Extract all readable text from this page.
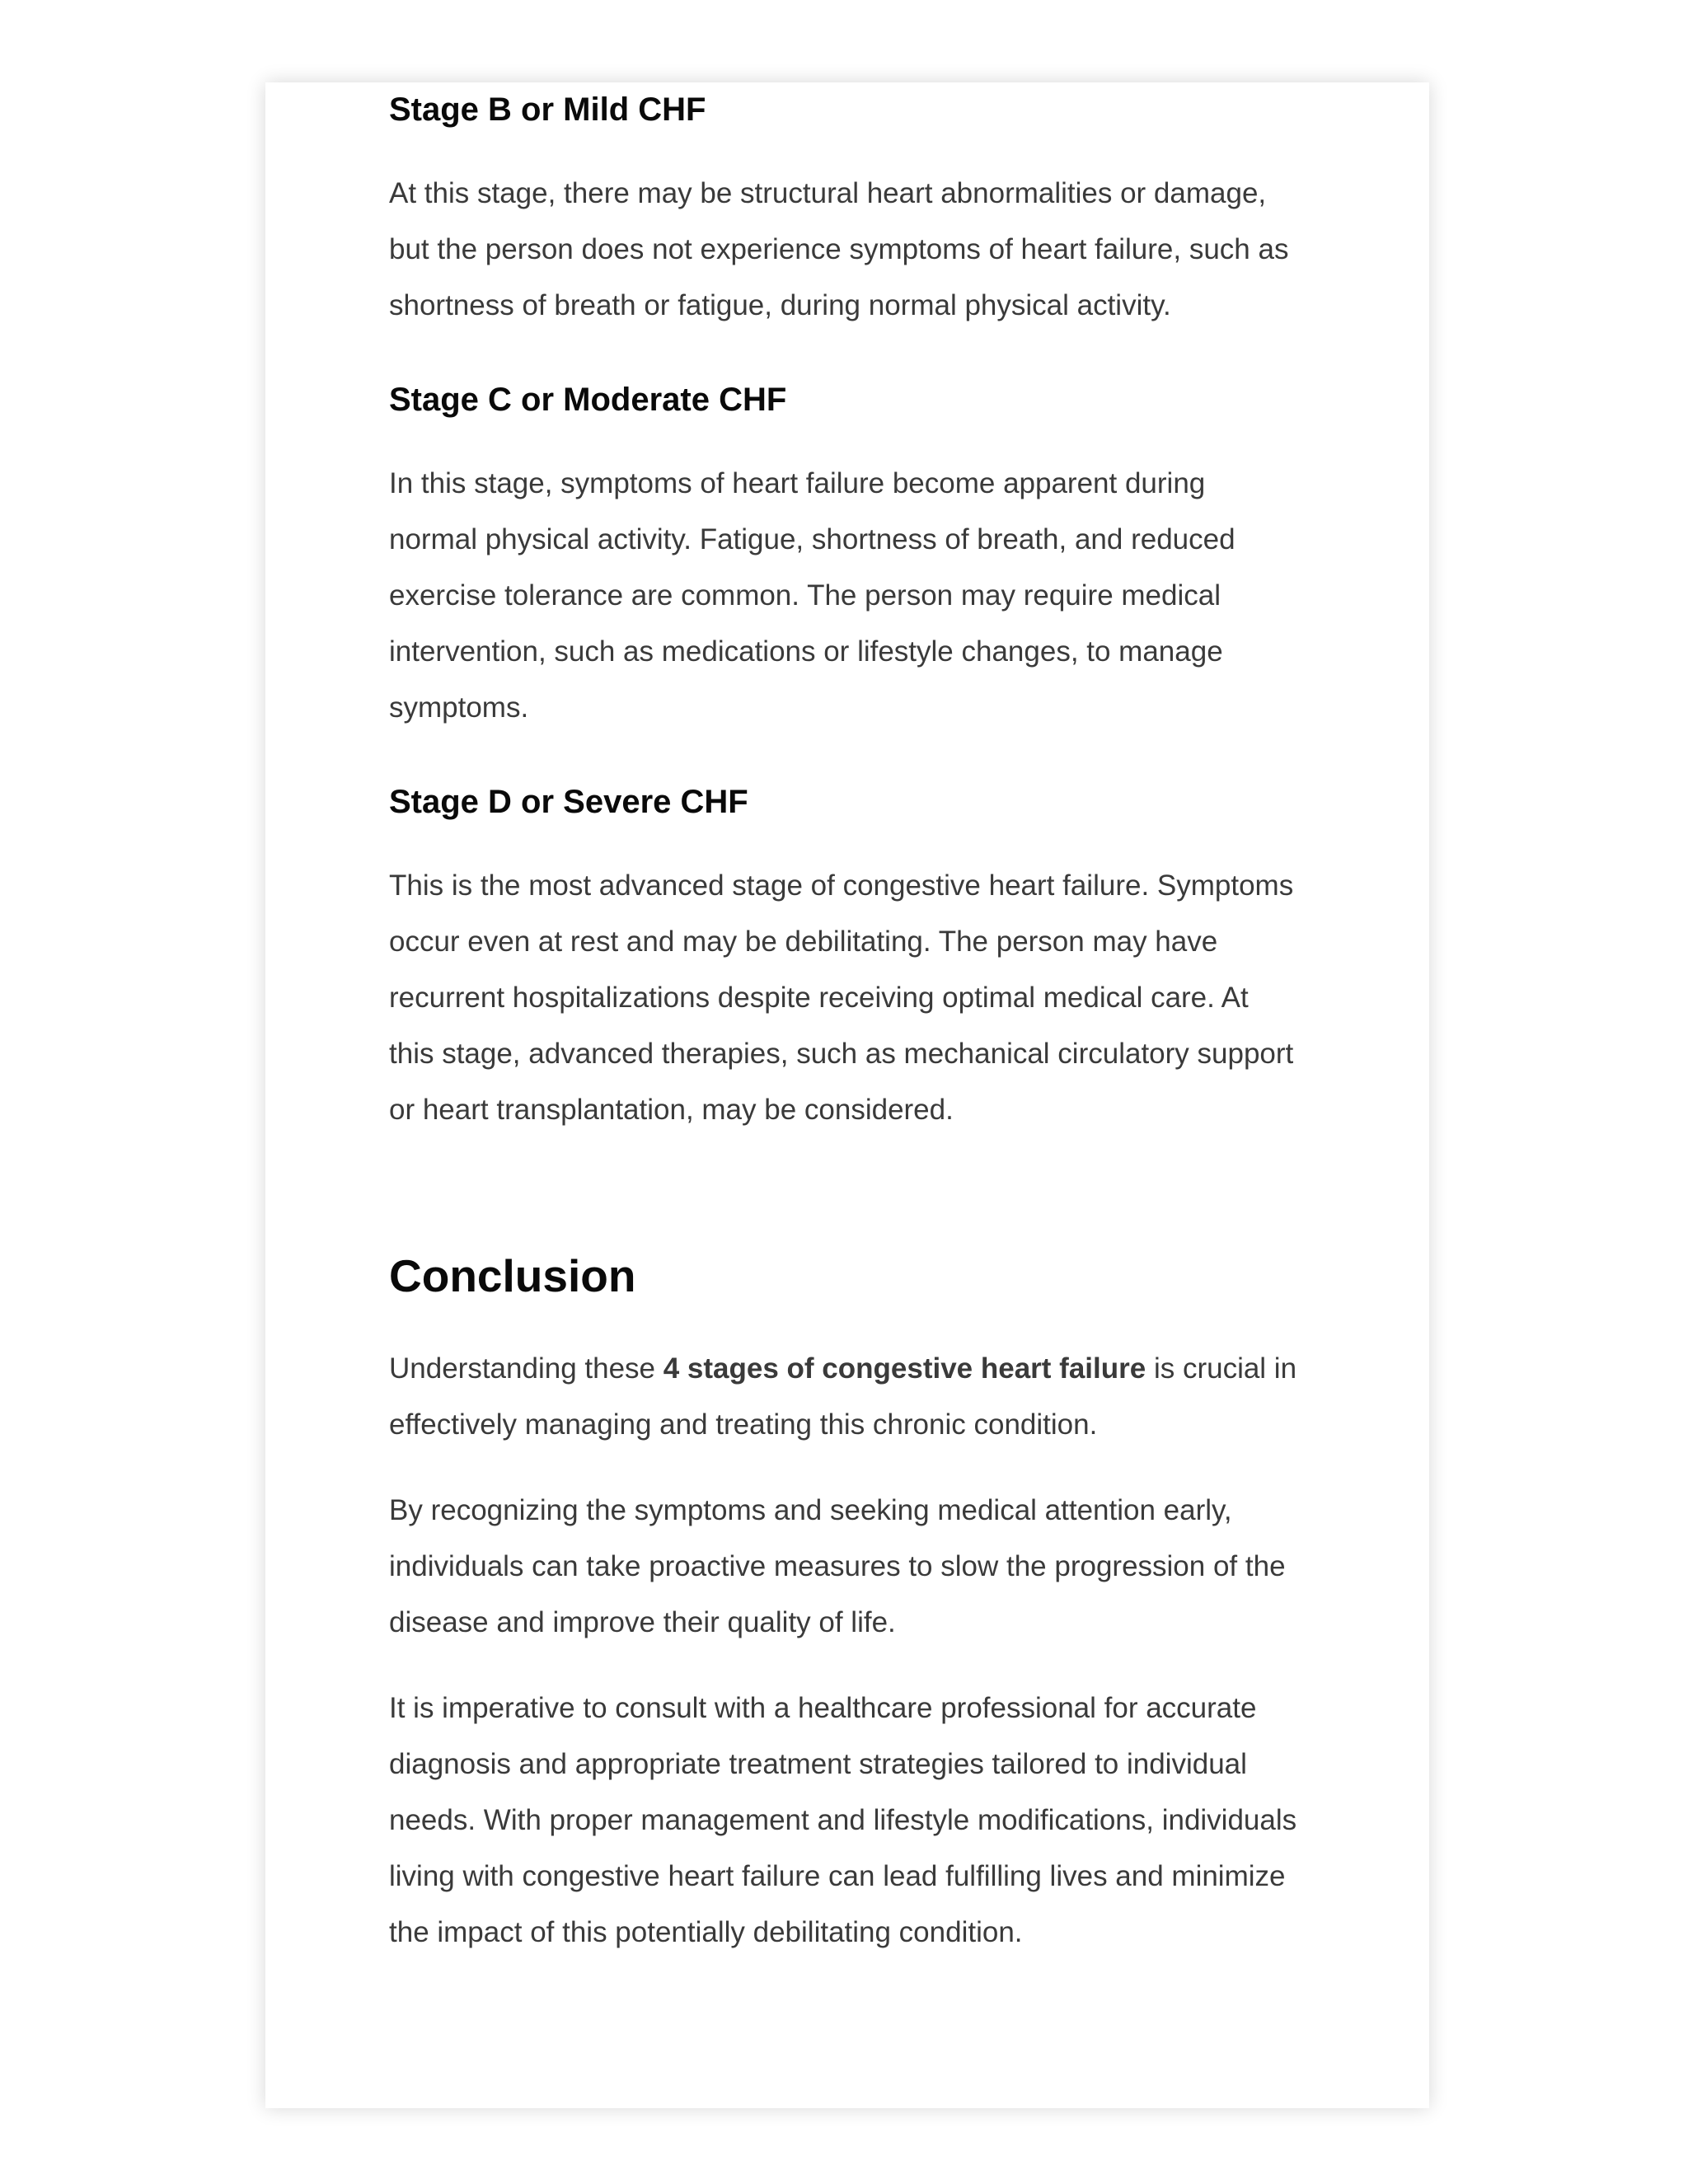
Stage B or Mild CHF

At this stage, there may be structural heart abnormalities or damage,
but the person does not experience symptoms of heart failure, such as
shortness of breath or fatigue, during normal physical activity.

Stage C or Moderate CHF

In this stage, symptoms of heart failure become apparent during
normal physical activity. Fatigue, shortness of breath, and reduced
exercise tolerance are common. The person may require medical
intervention, such as medications or lifestyle changes, to manage
symptoms.

Stage D or Severe CHF

This is the most advanced stage of congestive heart failure. Symptoms
occur even at rest and may be debilitating. The person may have
recurrent hospitalizations despite receiving optimal medical care. At
this stage, advanced therapies, such as mechanical circulatory support
or heart transplantation, may be considered.

Conclusion

Understanding these 4 stages of congestive heart failure is crucial in
effectively managing and treating this chronic condition.

By recognizing the symptoms and seeking medical attention early,
individuals can take proactive measures to slow the progression of the
disease and improve their quality of life.

It is imperative to consult with a healthcare professional for accurate
diagnosis and appropriate treatment strategies tailored to individual
needs. With proper management and lifestyle modifications, individuals
living with congestive heart failure can lead fulfilling lives and minimize
the impact of this potentially debilitating condition.
